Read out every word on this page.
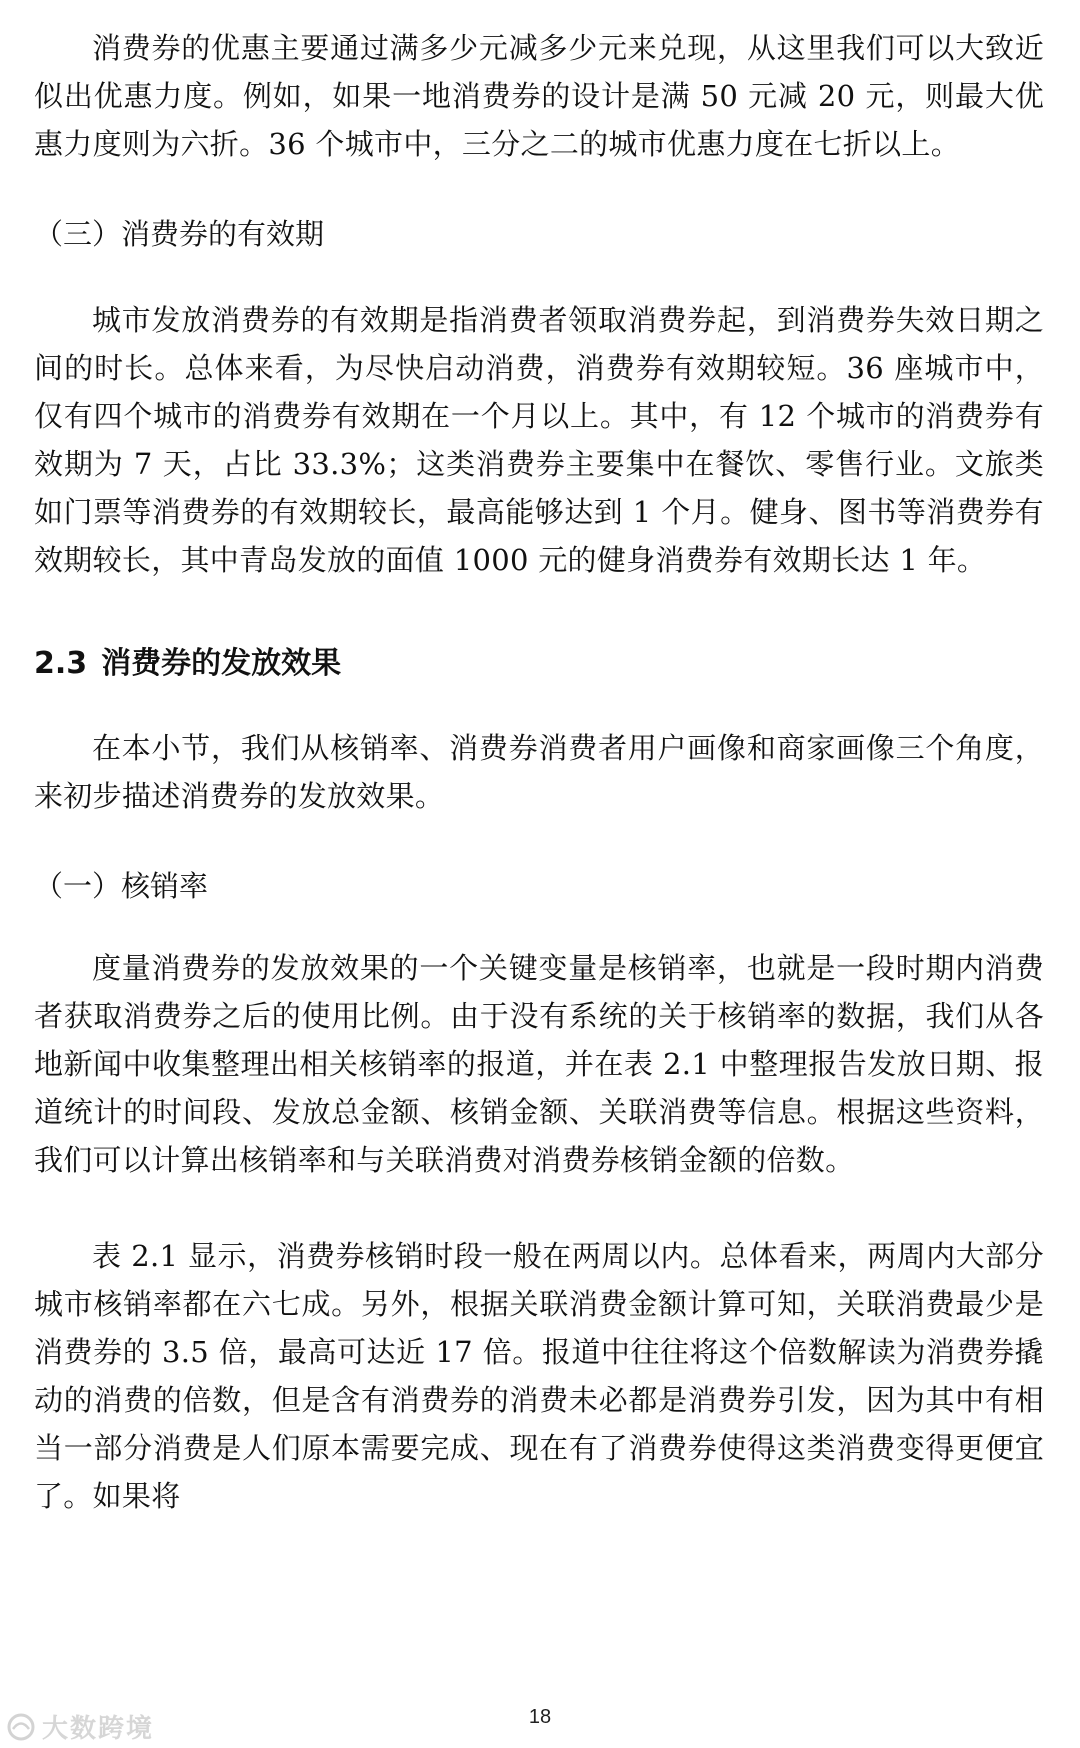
消费券的优惠主要通过满多少元减多少元来兑现，从这里我们可以大致近似出优惠力度。例如，如果一地消费券的设计是满 50 元减 20 元，则最大优惠力度则为六折。36 个城市中，三分之二的城市优惠力度在七折以上。

（三）消费券的有效期

城市发放消费券的有效期是指消费者领取消费券起，到消费券失效日期之间的时长。总体来看，为尽快启动消费，消费券有效期较短。36 座城市中，仅有四个城市的消费券有效期在一个月以上。其中，有 12 个城市的消费券有效期为 7 天，占比 33.3%；这类消费券主要集中在餐饮、零售行业。文旅类如门票等消费券的有效期较长，最高能够达到 1 个月。健身、图书等消费券有效期较长，其中青岛发放的面值 1000 元的健身消费券有效期长达 1 年。

2.3 消费券的发放效果

在本小节，我们从核销率、消费券消费者用户画像和商家画像三个角度，来初步描述消费券的发放效果。

（一）核销率

度量消费券的发放效果的一个关键变量是核销率，也就是一段时期内消费者获取消费券之后的使用比例。由于没有系统的关于核销率的数据，我们从各地新闻中收集整理出相关核销率的报道，并在表 2.1 中整理报告发放日期、报道统计的时间段、发放总金额、核销金额、关联消费等信息。根据这些资料，我们可以计算出核销率和与关联消费对消费券核销金额的倍数。

表 2.1 显示，消费券核销时段一般在两周以内。总体看来，两周内大部分城市核销率都在六七成。另外，根据关联消费金额计算可知，关联消费最少是消费券的 3.5 倍，最高可达近 17 倍。报道中往往将这个倍数解读为消费券撬动的消费的倍数，但是含有消费券的消费未必都是消费券引发，因为其中有相当一部分消费是人们原本需要完成、现在有了消费券使得这类消费变得更便宜了。如果将

大数跨境	18
